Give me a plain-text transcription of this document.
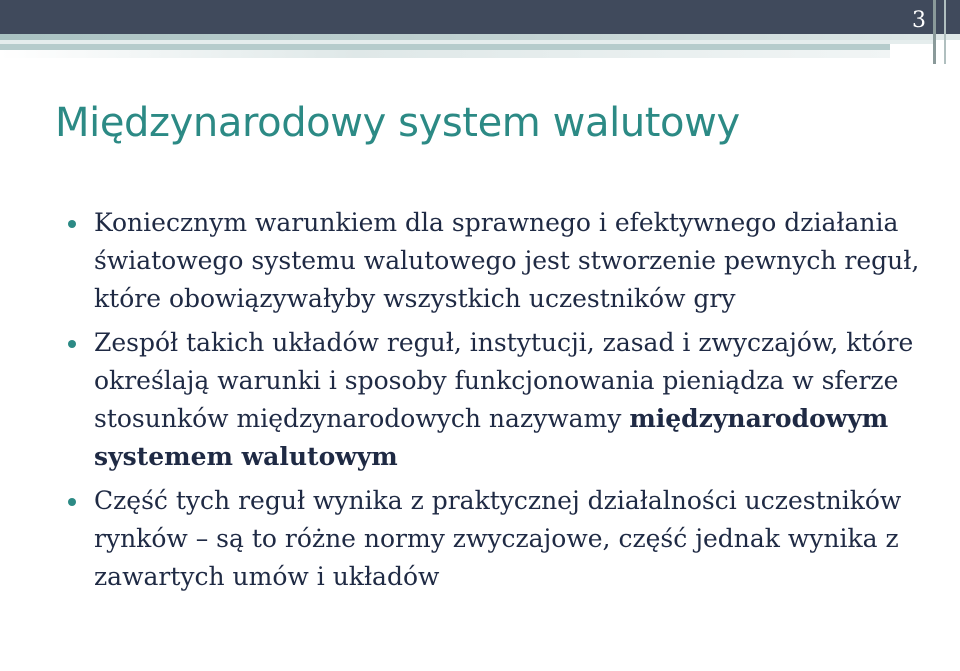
3
Międzynarodowy system walutowy
Koniecznym warunkiem dla sprawnego i efektywnego działania światowego systemu walutowego jest stworzenie pewnych reguł, które obowiązywałyby wszystkich uczestników gry
Zespół takich układów reguł, instytucji, zasad i zwyczajów, które określają warunki i sposoby funkcjonowania pieniądza w sferze stosunków międzynarodowych nazywamy międzynarodowym systemem walutowym
Część tych reguł wynika z praktycznej działalności uczestników rynków – są to różne normy zwyczajowe, część jednak wynika z zawartych umów i układów
